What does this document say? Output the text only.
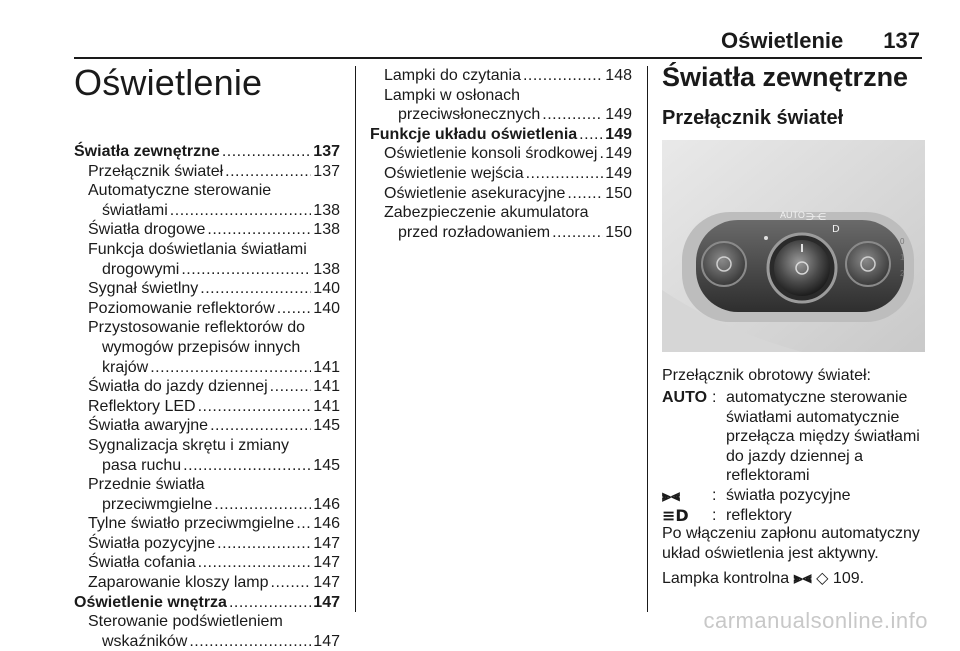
Oświetlenie 137
Oświetlenie
Światła zewnętrzne .....	137
Przełącznik świateł .....	137
Automatyczne sterowanie
światłami .....	138
Światła drogowe .....	138
Funkcja doświetlania światłami
drogowymi .....	138
Sygnał świetlny .....	140
Poziomowanie reflektorów ..... 140
Przystosowanie reflektorów do
wymogów przepisów innych
krajów .....	141
Światła do jazdy dziennej .....	141
Reflektory LED .....	141
Światła awaryjne .....	145
Sygnalizacja skrętu i zmiany
pasa ruchu .....	145
Przednie światła
przeciwmgielne .....	146
Tylne światło przeciwmgielne ..... 146
Światła pozycyjne .....	147
Światła cofania .....	147
Zaparowanie kloszy lamp .....	147
Oświetlenie wnętrza .....	147
Sterowanie podświetleniem
wskaźników .....	147
Lampki do czytania .....	148
Lampki w osłonach
przeciwsłonecznych .....	149
Funkcje układu oświetlenia ..... 149
Oświetlenie konsoli środkowej ..... 149
Oświetlenie wejścia .....	149
Oświetlenie asekuracyjne ..... 150
Zabezpieczenie akumulatora
przed rozładowaniem .....	150
Światła zewnętrzne
Przełącznik świateł
AUTO ⋺⋲
D
0
1
2
Przełącznik obrotowy świateł:
AUTO : automatyczne sterowanie światłami automatycznie przełącza między światłami do jazdy dziennej a reflektorami
⫸⫷	: światła pozycyjne
≡D	: reflektory
Po włączeniu zapłonu automatyczny układ oświetlenia jest aktywny.
Lampka kontrolna ⫸⫷ ◇ 109.
carmanualsonline.info
